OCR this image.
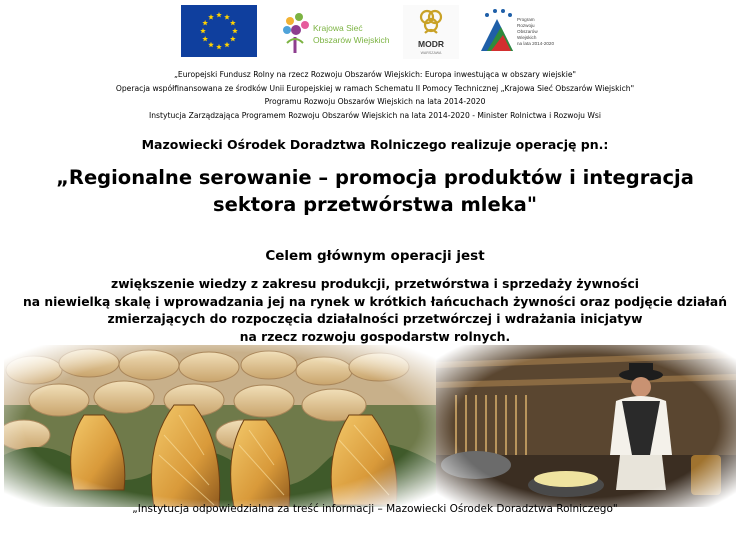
Krajowa Sieć
Obszarów Wiejskich	MODR
WARSZAWA
Program
Rozwoju
Obszarów
Wiejskich
na lata 2014-2020
„Europejski Fundusz Rolny na rzecz Rozwoju Obszarów Wiejskich: Europa inwestująca w obszary wiejskie"
Operacja współfinansowana ze środków Unii Europejskiej w ramach Schematu II Pomocy Technicznej „Krajowa Sieć Obszarów Wiejskich"
Programu Rozwoju Obszarów Wiejskich na lata 2014-2020
Instytucja Zarządzająca Programem Rozwoju Obszarów Wiejskich na lata 2014-2020 - Minister Rolnictwa i Rozwoju Wsi
Mazowiecki Ośrodek Doradztwa Rolniczego realizuje operację pn.:
„Regionalne serowanie – promocja produktów i integracja
sektora przetwórstwa mleka"
Celem głównym operacji jest
zwiększenie wiedzy z zakresu produkcji, przetwórstwa i sprzedaży żywności
na niewielką skalę i wprowadzania jej na rynek w krótkich łańcuchach żywności oraz podjęcie działań
zmierzających do rozpoczęcia działalności przetwórczej i wdrażania inicjatyw
na rzecz rozwoju gospodarstw rolnych.
„Instytucja odpowiedzialna za treść informacji – Mazowiecki Ośrodek Doradztwa Rolniczego"
